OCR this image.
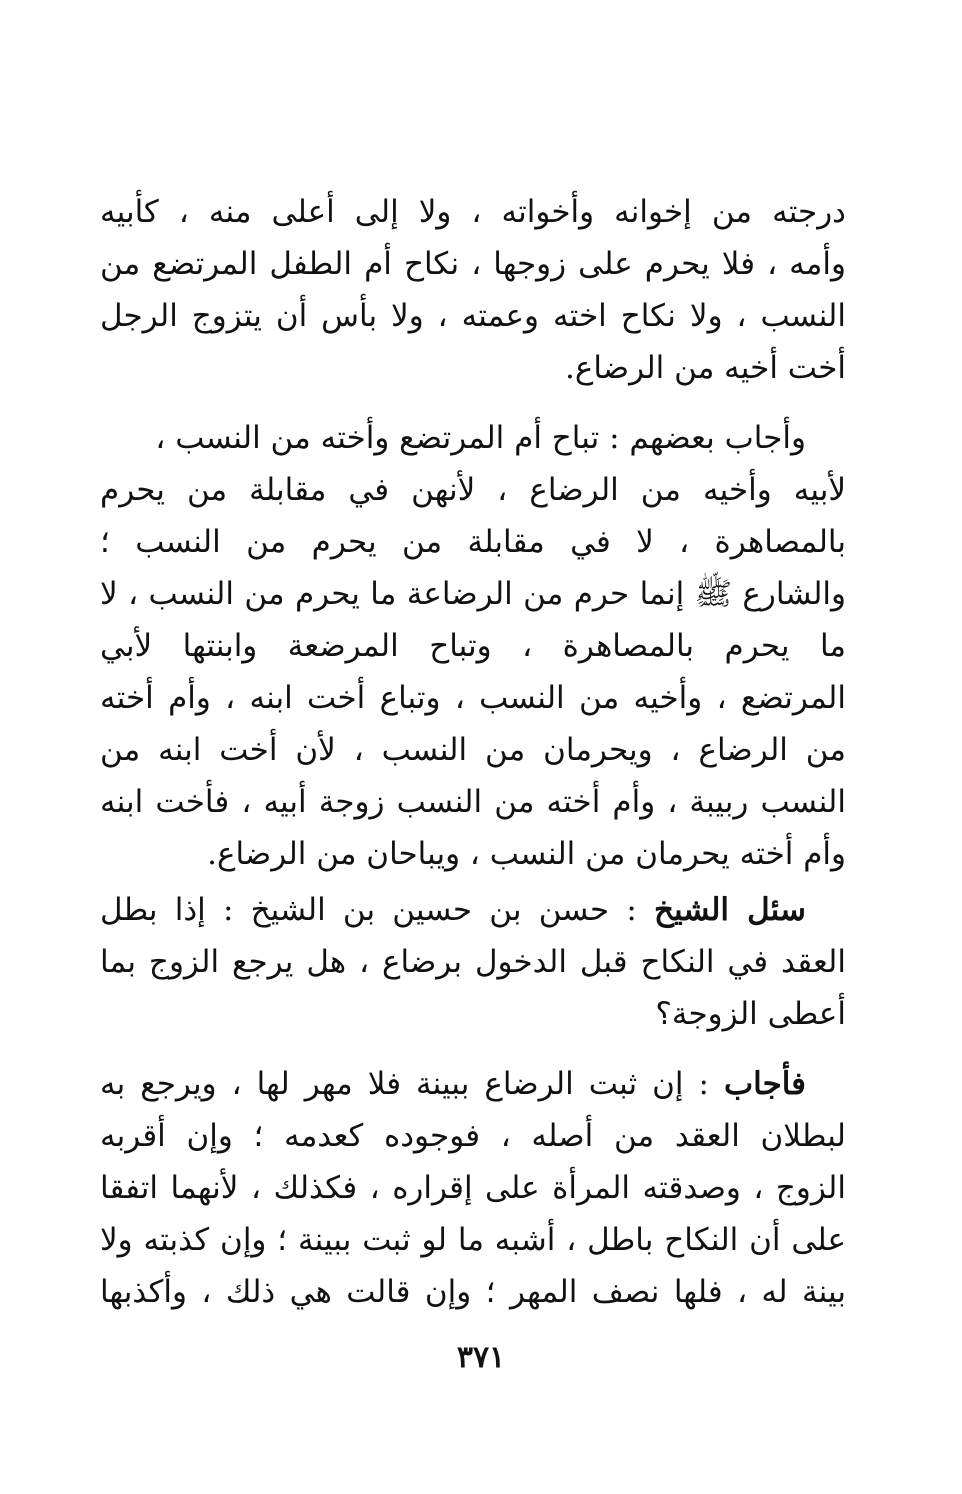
درجته من إخوانه وأخواته ، ولا إلى أعلى منه ، كأبيه
وأمه ، فلا يحرم على زوجها ، نكاح أم الطفل المرتضع من
النسب ، ولا نكاح اخته وعمته ، ولا بأس أن يتزوج الرجل
أخت أخيه من الرضاع.
وأجاب بعضهم : تباح أم المرتضع وأخته من النسب ،
لأبيه وأخيه من الرضاع ، لأنهن في مقابلة من يحرم
بالمصاهرة ، لا في مقابلة من يحرم من النسب ؛
والشارع ﷺ إنما حرم من الرضاعة ما يحرم من النسب ، لا
ما يحرم بالمصاهرة ، وتباح المرضعة وابنتها لأبي
المرتضع ، وأخيه من النسب ، وتباع أخت ابنه ، وأم أخته
من الرضاع ، ويحرمان من النسب ، لأن أخت ابنه من
النسب ربيبة ، وأم أخته من النسب زوجة أبيه ، فأخت ابنه
وأم أخته يحرمان من النسب ، ويباحان من الرضاع.
سئل الشيخ : حسن بن حسين بن الشيخ : إذا بطل
العقد في النكاح قبل الدخول برضاع ، هل يرجع الزوج بما
أعطى الزوجة؟
فأجاب : إن ثبت الرضاع ببينة فلا مهر لها ، ويرجع به
لبطلان العقد من أصله ، فوجوده كعدمه ؛ وإن أقربه
الزوج ، وصدقته المرأة على إقراره ، فكذلك ، لأنهما اتفقا
على أن النكاح باطل ، أشبه ما لو ثبت ببينة ؛ وإن كذبته ولا
بينة له ، فلها نصف المهر ؛ وإن قالت هي ذلك ، وأكذبها
٣٧١
